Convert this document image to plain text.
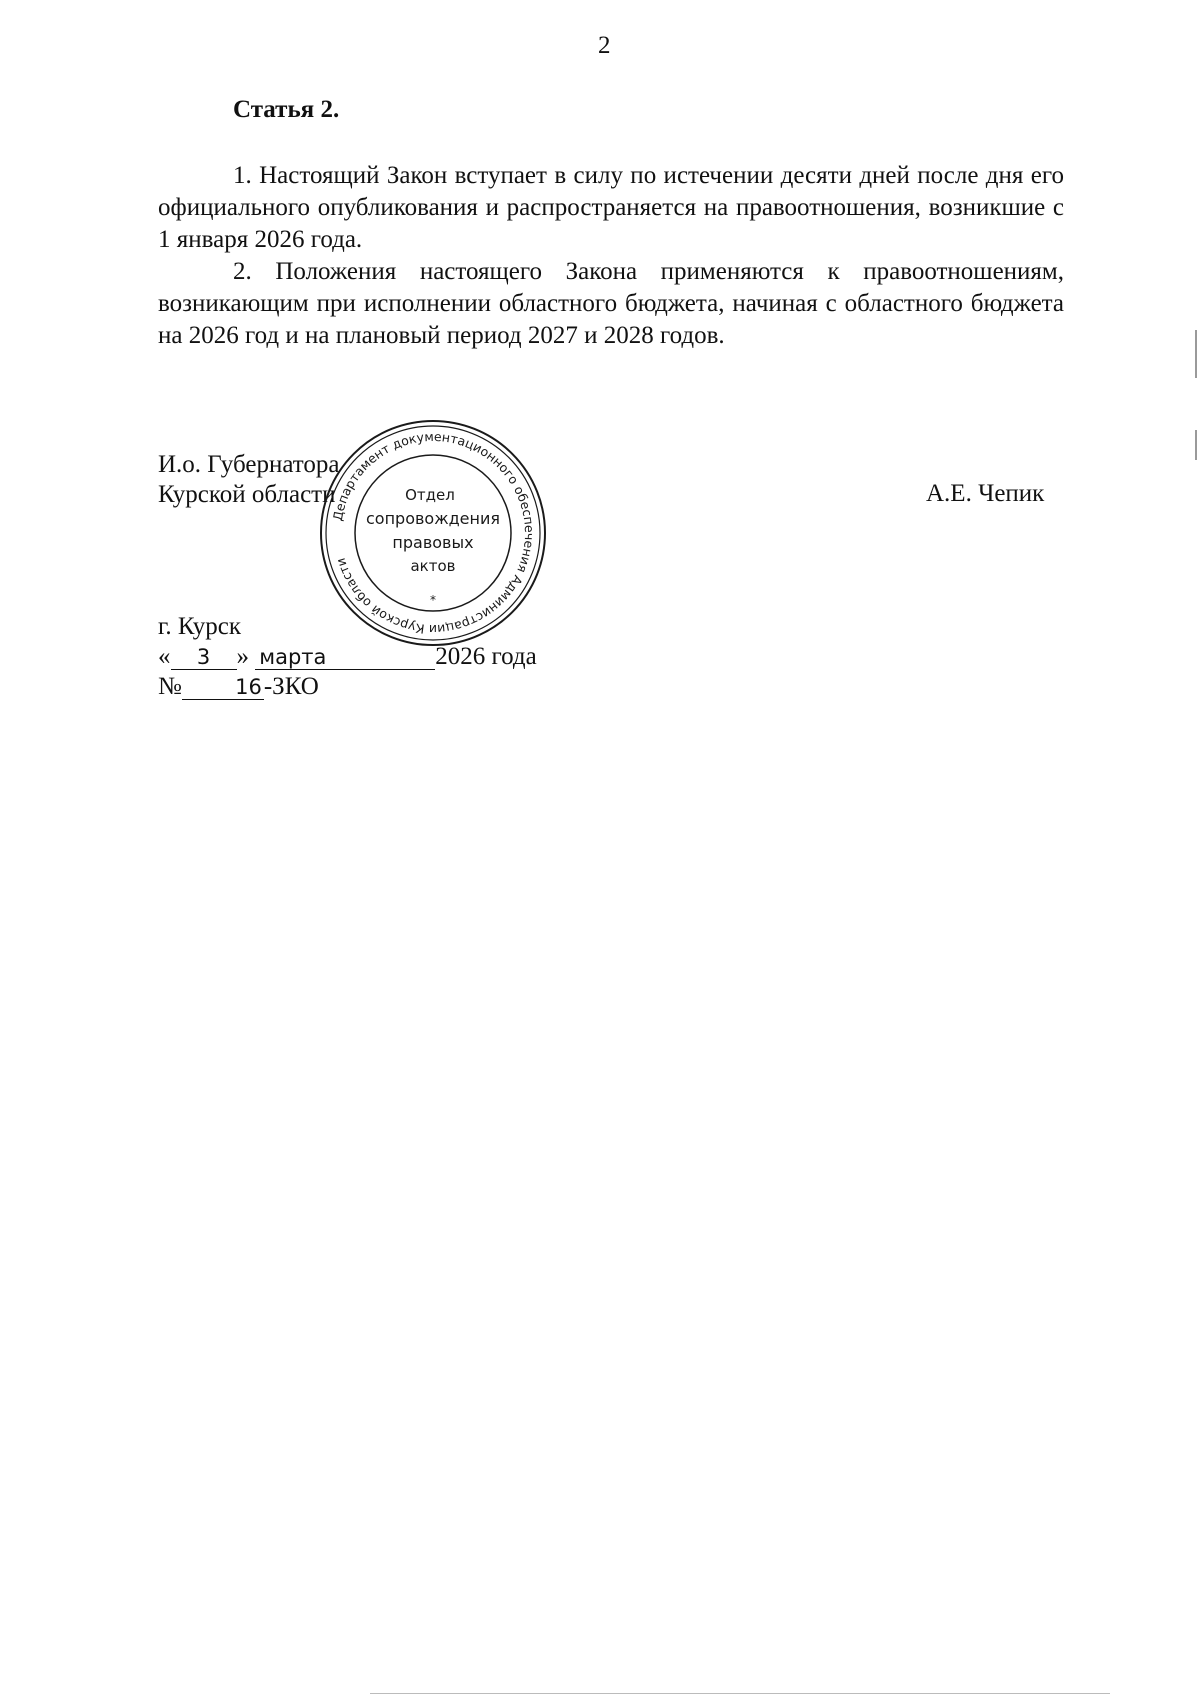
2
Статья 2.

1. Настоящий Закон вступает в силу по истечении десяти дней после дня его официального опубликования и распространяется на правоотношения, возникшие с 1 января 2026 года.

2. Положения настоящего Закона применяются к правоотношениям, возникающим при исполнении областного бюджета, начиная с областного бюджета на 2026 год и на плановый период 2027 и 2028 годов.

И.о. Губернатора
Курской области	А.Е. Чепик
Департамент документационного обеспечения Администрации Курской области
*
Отдел
сопровождения
правовых
актов
г. Курск
« 3 » марта	2026 года
№	16-ЗКО
